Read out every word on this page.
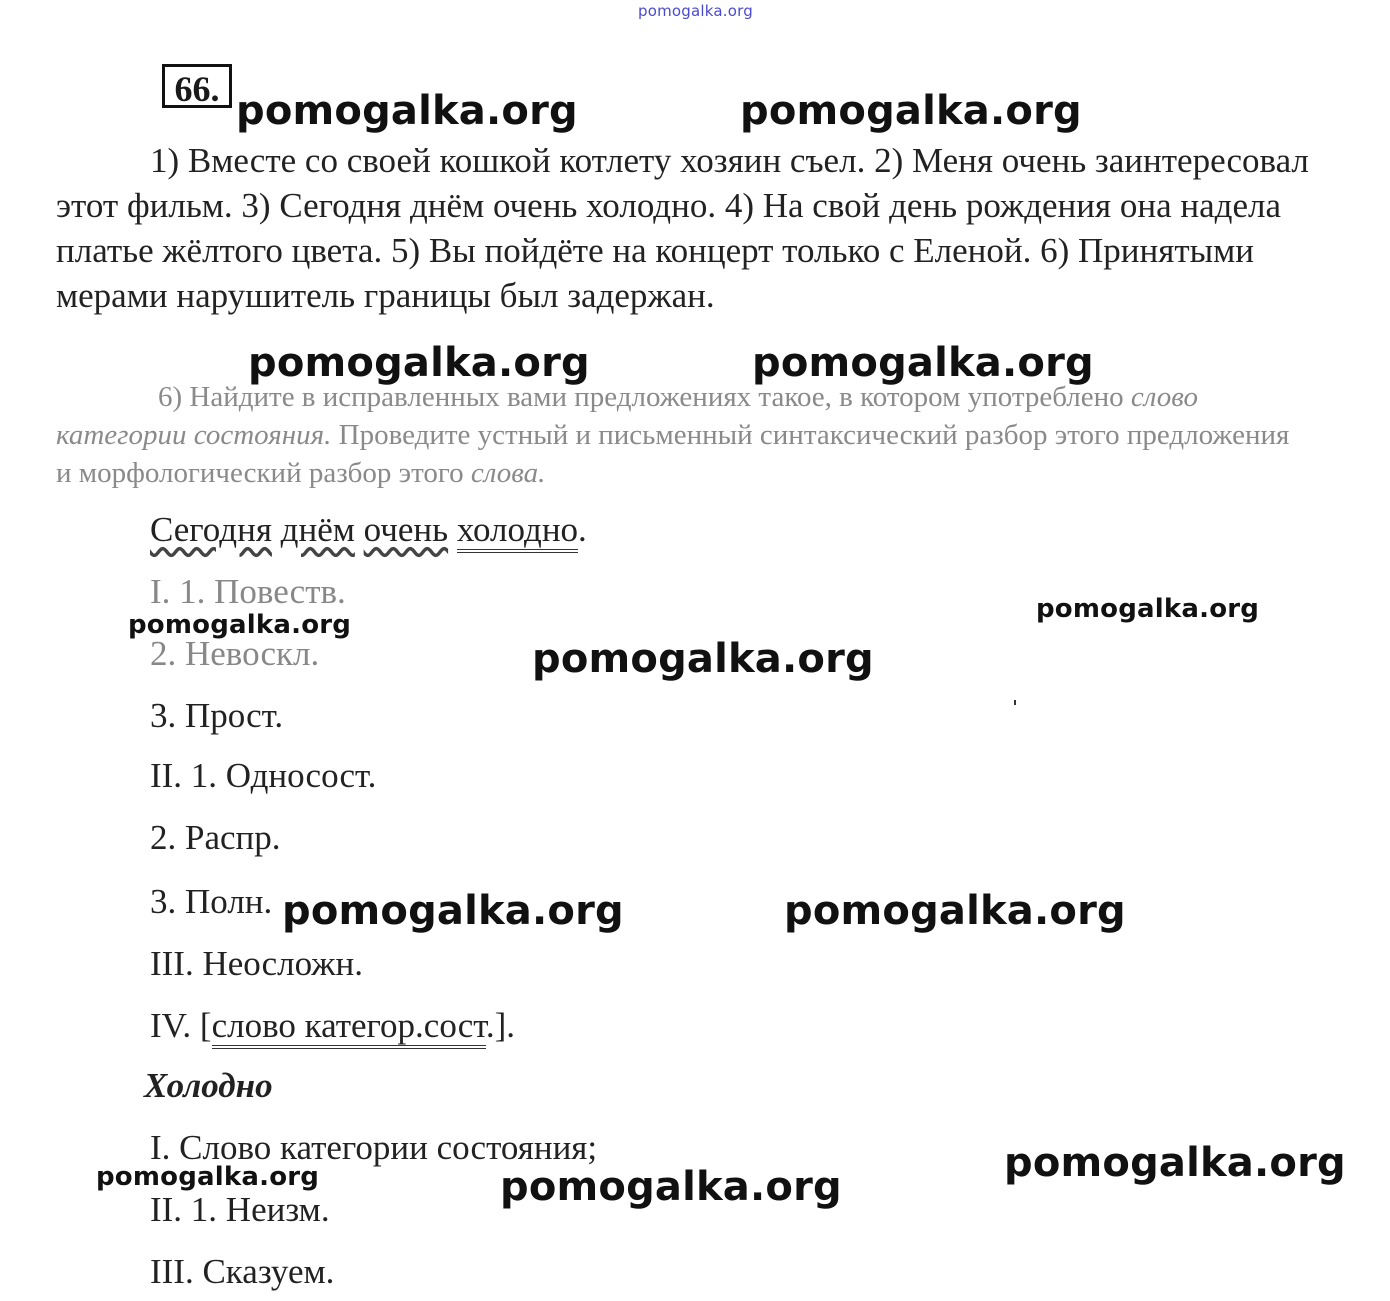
pomogalka.org
pomogalka.org	pomogalka.org
pomogalka.org	pomogalka.org
pomogalka.org
pomogalka.org
pomogalka.org
pomogalka.org	pomogalka.org
pomogalka.org
pomogalka.org	pomogalka.org
66.

1) Вместе со своей кошкой котлету хозяин съел. 2) Меня очень заинтересовал этот фильм. 3) Сегодня днём очень холодно. 4) На свой день рождения она надела платье жёлтого цвета. 5) Вы пойдёте на концерт только с Еленой. 6) Принятыми мерами нарушитель границы был задержан.

6) Найдите в исправленных вами предложениях такое, в котором употреблено слово категории состояния. Проведите устный и письменный синтаксический разбор этого предложения и морфологический разбор этого слова.

Сегодня днём очень холодно.
I. 1. Повеств.
2. Невоскл.
3. Прост.
II. 1. Односост.
2. Распр.
3. Полн.
III. Неосложн.
IV. [слово категор.сост.].
Холодно
I. Слово категории состояния;
II. 1. Неизм.
III. Сказуем.
